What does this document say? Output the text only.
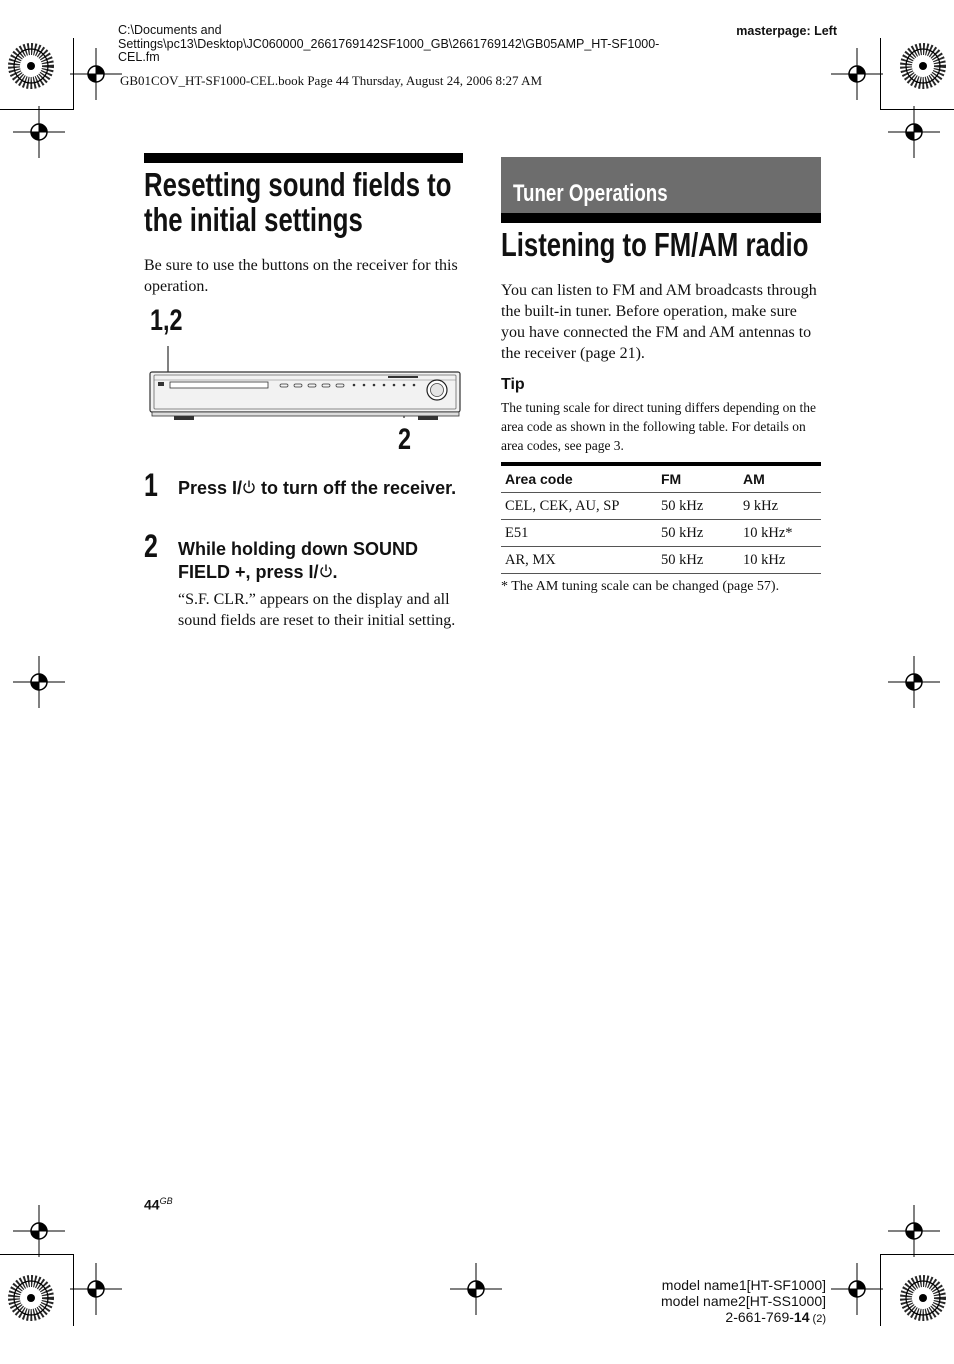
C:\Documents and
Settings\pc13\Desktop\JC060000_2661769142SF1000_GB\2661769142\GB05AMP_HT-SF1000-
CEL.fm
masterpage: Left
GB01COV_HT-SF1000-CEL.book Page 44 Thursday, August 24, 2006 8:27 AM
Resetting sound fields to
the initial settings
Be sure to use the buttons on the receiver for this operation.
1,2
2
1 Press I/ to turn off the receiver.
2 While holding down SOUND FIELD +, press I/ .
“S.F. CLR.” appears on the display and all sound fields are reset to their initial setting.
Tuner Operations
Listening to FM/AM radio
You can listen to FM and AM broadcasts through the built-in tuner. Before operation, make sure you have connected the FM and AM antennas to the receiver (page 21).
Tip
The tuning scale for direct tuning differs depending on the area code as shown in the following table. For details on area codes, see page 3.
Area code	FM	AM
CEL, CEK, AU, SP	50 kHz	9 kHz
E51	50 kHz	10 kHz*
AR, MX	50 kHz	10 kHz
* The AM tuning scale can be changed (page 57).
$44^{GB}$
model name1[HT-SF1000]
model name2[HT-SS1000]
2-661-769-14 (2)
